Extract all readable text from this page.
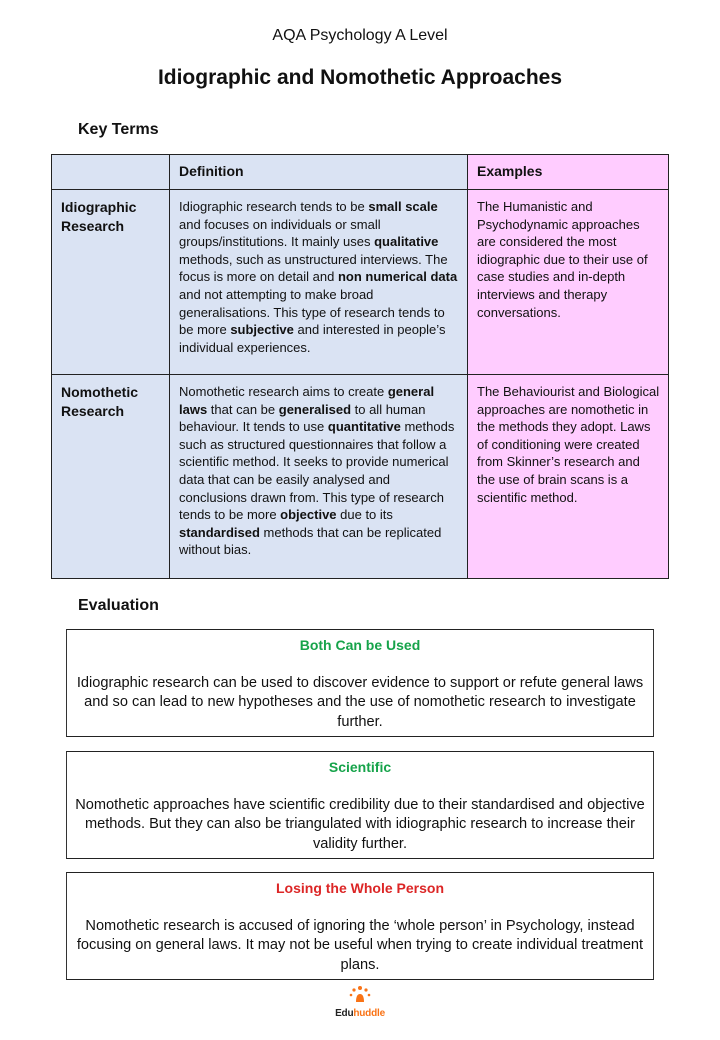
AQA Psychology A Level
Idiographic and Nomothetic Approaches
Key Terms
	Definition	Examples
Idiographic Research	Idiographic research tends to be small scale and focuses on individuals or small groups/institutions. It mainly uses qualitative methods, such as unstructured interviews. The focus is more on detail and non numerical data and not attempting to make broad generalisations. This type of research tends to be more subjective and interested in people’s individual experiences.	The Humanistic and Psychodynamic approaches are considered the most idiographic due to their use of case studies and in-depth interviews and therapy conversations.
Nomothetic Research	Nomothetic research aims to create general laws that can be generalised to all human behaviour. It tends to use quantitative methods such as structured questionnaires that follow a scientific method. It seeks to provide numerical data that can be easily analysed and conclusions drawn from. This type of research tends to be more objective due to its standardised methods that can be replicated without bias.	The Behaviourist and Biological approaches are nomothetic in the methods they adopt. Laws of conditioning were created from Skinner’s research and the use of brain scans is a scientific method.
Evaluation
Both Can be Used
Idiographic research can be used to discover evidence to support or refute general laws and so can lead to new hypotheses and the use of nomothetic research to investigate further.
Scientific
Nomothetic approaches have scientific credibility due to their standardised and objective methods. But they can also be triangulated with idiographic research to increase their validity further.
Losing the Whole Person
Nomothetic research is accused of ignoring the ‘whole person’ in Psychology, instead focusing on general laws. It may not be useful when trying to create individual treatment plans.
Eduhuddle
